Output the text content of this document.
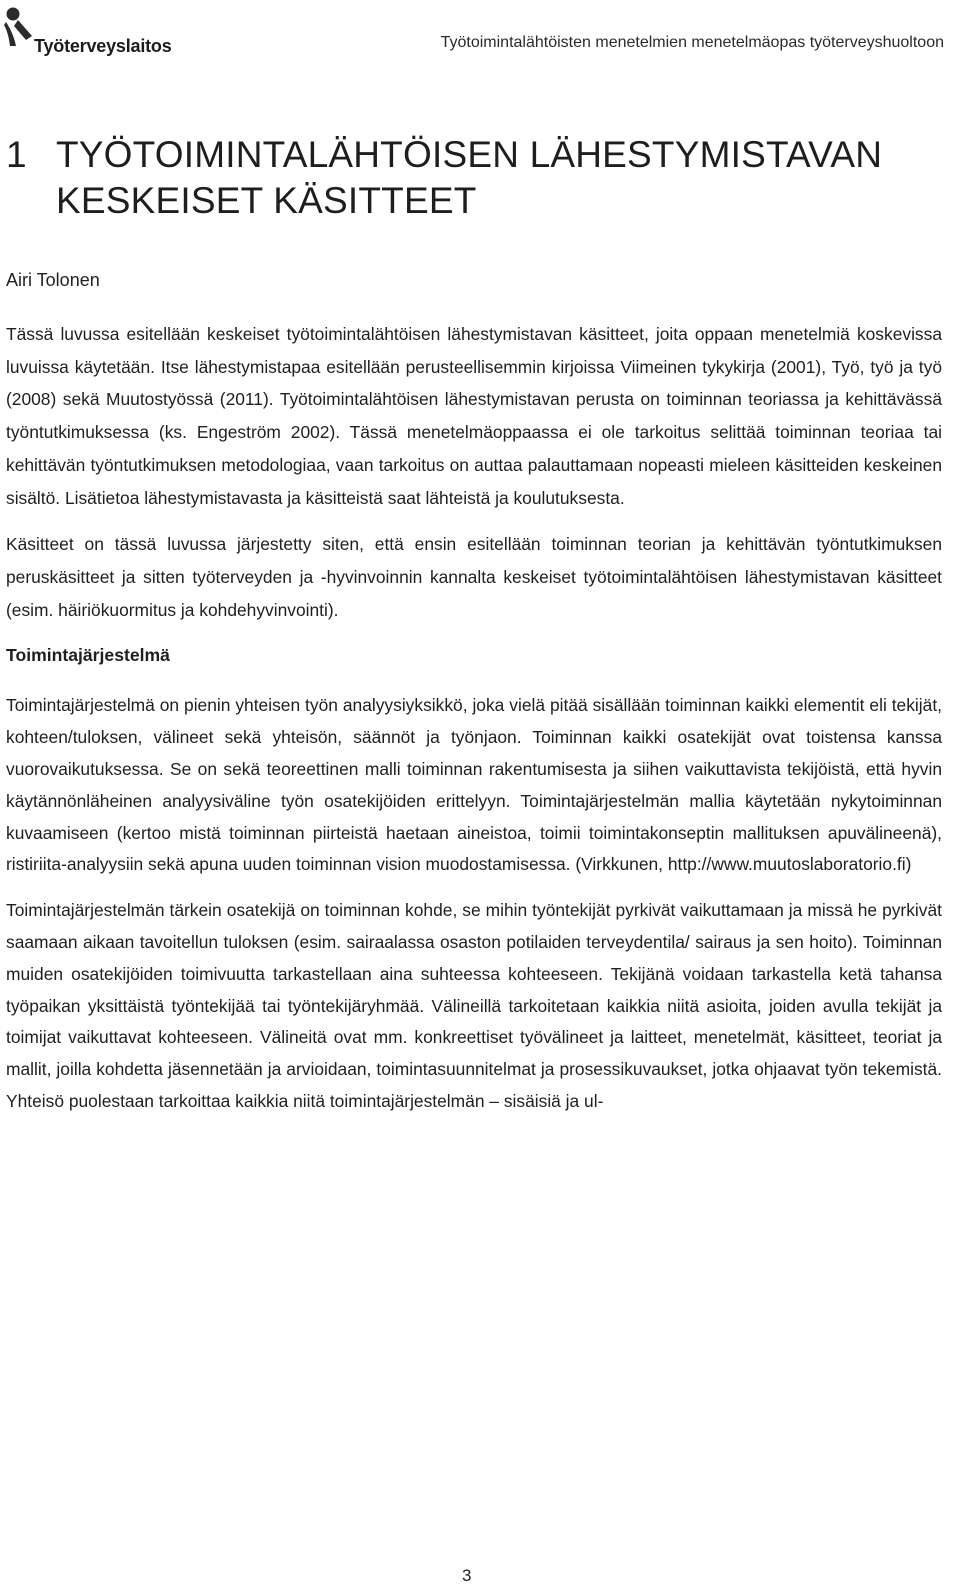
Työterveyslaitos	Työtoimintalähtöisten menetelmien menetelmäopas työterveyshuoltoon
1 TYÖTOIMINTALÄHTÖISEN LÄHESTYMISTAVAN KESKEISET KÄSITTEET
Airi Tolonen

Tässä luvussa esitellään keskeiset työtoimintalähtöisen lähestymistavan käsitteet, joita oppaan menetelmiä koskevissa luvuissa käytetään. Itse lähestymistapaa esitellään perusteellisemmin kirjoissa Viimeinen tykykirja (2001), Työ, työ ja työ (2008) sekä Muutostyössä (2011). Työtoimintalähtöisen lähestymistavan perusta on toiminnan teoriassa ja kehittävässä työntutkimuksessa (ks. Engeström 2002). Tässä menetelmäoppaassa ei ole tarkoitus selittää toiminnan teoriaa tai kehittävän työntutkimuksen metodologiaa, vaan tarkoitus on auttaa palauttamaan nopeasti mieleen käsitteiden keskeinen sisältö. Lisätietoa lähestymistavasta ja käsitteistä saat lähteistä ja koulutuksesta.

Käsitteet on tässä luvussa järjestetty siten, että ensin esitellään toiminnan teorian ja kehittävän työntutkimuksen peruskäsitteet ja sitten työterveyden ja -hyvinvoinnin kannalta keskeiset työtoimintalähtöisen lähestymistavan käsitteet (esim. häiriökuormitus ja kohdehyvinvointi).

Toimintajärjestelmä

Toimintajärjestelmä on pienin yhteisen työn analyysiyksikkö, joka vielä pitää sisällään toiminnan kaikki elementit eli tekijät, kohteen/tuloksen, välineet sekä yhteisön, säännöt ja työnjaon. Toiminnan kaikki osatekijät ovat toistensa kanssa vuorovaikutuksessa. Se on sekä teoreettinen malli toiminnan rakentumisesta ja siihen vaikuttavista tekijöistä, että hyvin käytännönläheinen analyysiväline työn osatekijöiden erittelyyn. Toimintajärjestelmän mallia käytetään nykytoiminnan kuvaamiseen (kertoo mistä toiminnan piirteistä haetaan aineistoa, toimii toimintakonseptin mallituksen apuvälineenä), ristiriita-analyysiin sekä apuna uuden toiminnan vision muodostamisessa. (Virkkunen, http://www.muutoslaboratorio.fi)

Toimintajärjestelmän tärkein osatekijä on toiminnan kohde, se mihin työntekijät pyrkivät vaikuttamaan ja missä he pyrkivät saamaan aikaan tavoitellun tuloksen (esim. sairaalassa osaston potilaiden terveydentila/ sairaus ja sen hoito). Toiminnan muiden osatekijöiden toimivuutta tarkastellaan aina suhteessa kohteeseen. Tekijänä voidaan tarkastella ketä tahansa työpaikan yksittäistä työntekijää tai työntekijäryhmää. Välineillä tarkoitetaan kaikkia niitä asioita, joiden avulla tekijät ja toimijat vaikuttavat kohteeseen. Välineitä ovat mm. konkreettiset työvälineet ja laitteet, menetelmät, käsitteet, teoriat ja mallit, joilla kohdetta jäsennetään ja arvioidaan, toimintasuunnitelmat ja prosessikuvaukset, jotka ohjaavat työn tekemistä. Yhteisö puolestaan tarkoittaa kaikkia niitä toimintajärjestelmän – sisäisiä ja ul-

3
